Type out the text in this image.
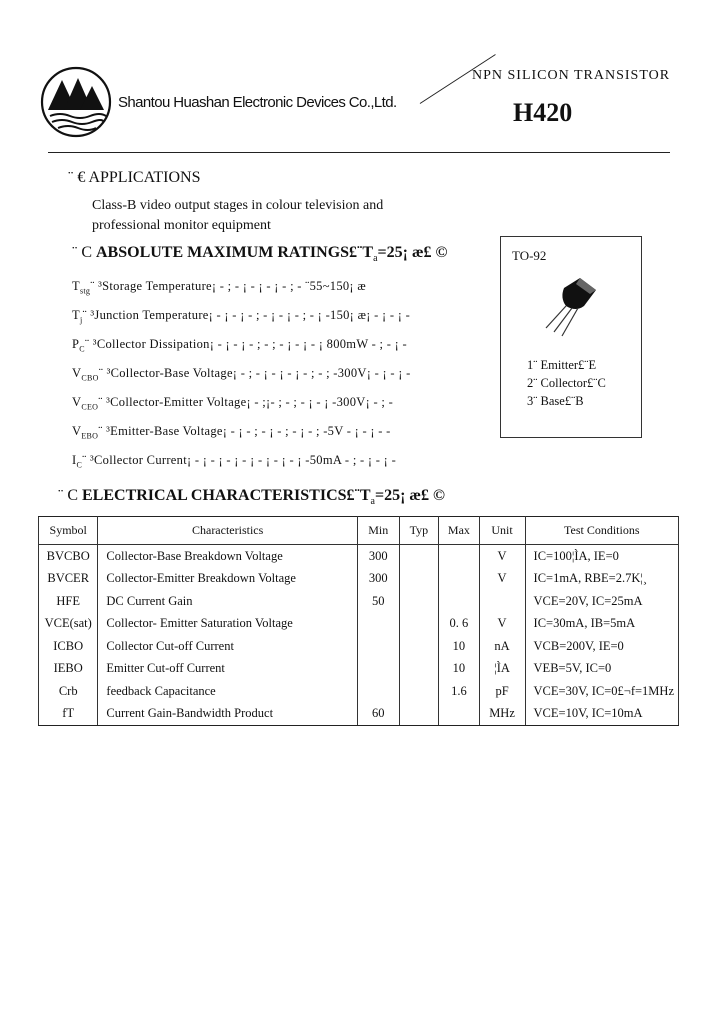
Shantou Huashan Electronic Devices Co.,Ltd.
NPN SILICON TRANSISTOR
H420
¨ € APPLICATIONS
Class-B video output stages in colour television and
professional monitor equipment
¨ C ABSOLUTE MAXIMUM $RATINGS£¨T_a=25¡$ æ£ ©
$T_{stg}¨$ ³Storage Temperature¡ - ; - ¡ - ¡ - ¡ - ; - ¨55~150¡ æ
$T_j¨$ ³Junction Temperature¡ - ¡ - ¡ - ; - ¡ - ¡ - ; - ¡ -150¡ æ¡ - ¡ - ¡ -
$P_C¨$ ³Collector Dissipation¡ - ¡ - ¡ - ; - ; - ¡ - ¡ - ¡ 800mW - ; - ¡ -
$V_{CBO}¨$ ³Collector-Base Voltage¡ - ; - ¡ - ¡ - ¡ - ; - ; -300V¡ - ¡ - ¡ -
$V_{CEO}¨$ ³Collector-Emitter Voltage¡ - ;¡- ; - ; - ¡ - ¡ -300V¡ - ; -
$V_{EBO}¨$ ³Emitter-Base Voltage¡ - ¡ - ; - ¡ - ; - ¡ - ; -5V - ¡ - ¡ - -
$I_C¨$ ³Collector Current¡ - ¡ - ¡ - ¡ - ¡ - ¡ - ¡ - ¡ -50mA - ; - ¡ - ¡ -
TO-92
1¨ Emitter£¨E
2¨ Collector£¨C
3¨ Base£¨B
¨ C ELECTRICAL $CHARACTERISTICS£¨T_a=25¡$ æ£ ©
Symbol	Characteristics	Min	Typ	Max	Unit	Test Conditions
BVCBO	Collector-Base Breakdown Voltage	300			V	IC=100¦ÌA, IE=0
BVCER	Collector-Emitter Breakdown Voltage	300			V	IC=1mA, RBE=2.7K¦¸
HFE	DC Current Gain	50				VCE=20V, IC=25mA
VCE(sat)	Collector- Emitter Saturation Voltage			0. 6	V	IC=30mA, IB=5mA
ICBO	Collector Cut-off Current			10	nA	VCB=200V, IE=0
IEBO	Emitter Cut-off Current			10	¦ÌA	VEB=5V, IC=0
Crb	feedback Capacitance			1.6	pF	VCE=30V, IC=0£¬f=1MHz
fT	Current Gain-Bandwidth Product	60			MHz	VCE=10V, IC=10mA
